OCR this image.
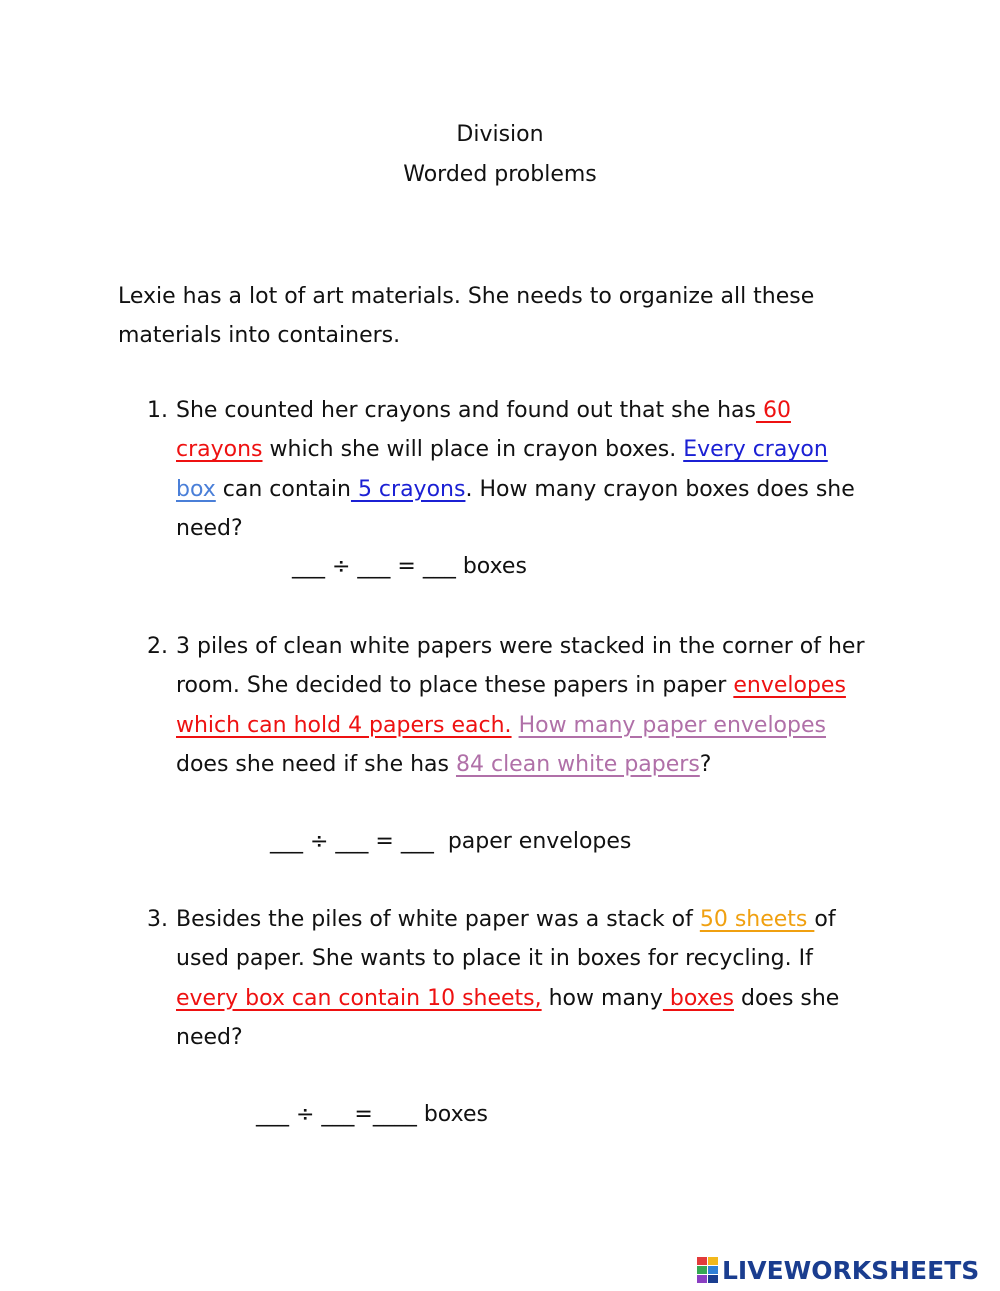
Division
Worded problems
Lexie has a lot of art materials. She needs to organize all these materials into containers.
1. She counted her crayons and found out that she has 60 crayons which she will place in crayon boxes. Every crayon box can contain 5 crayons. How many crayon boxes does she need?
___ ÷ ___ = ___ boxes
2. 3 piles of clean white papers were stacked in the corner of her room. She decided to place these papers in paper envelopes which can hold 4 papers each. How many paper envelopes does she need if she has 84 clean white papers?
___ ÷ ___ = ___  paper envelopes
3. Besides the piles of white paper was a stack of 50 sheets of used paper. She wants to place it in boxes for recycling. If every box can contain 10 sheets, how many boxes does she need?
___ ÷ ___=____ boxes
LIVEWORKSHEETS
